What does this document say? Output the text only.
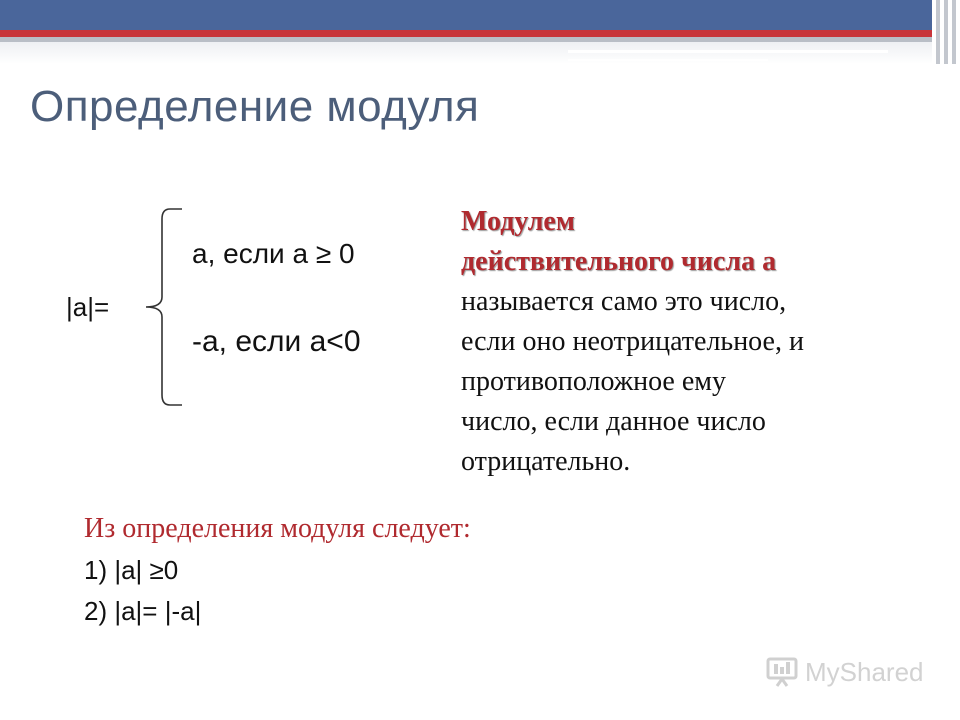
Определение модуля
|a|=
a, если a ≥ 0
-a, если a<0
Модулем
действительного числа а
называется само это число,
если оно неотрицательное, и
противоположное ему
число, если данное число
отрицательно.
Из определения модуля следует:
1) |a| ≥0
2) |a|= |-a|
MyShared
